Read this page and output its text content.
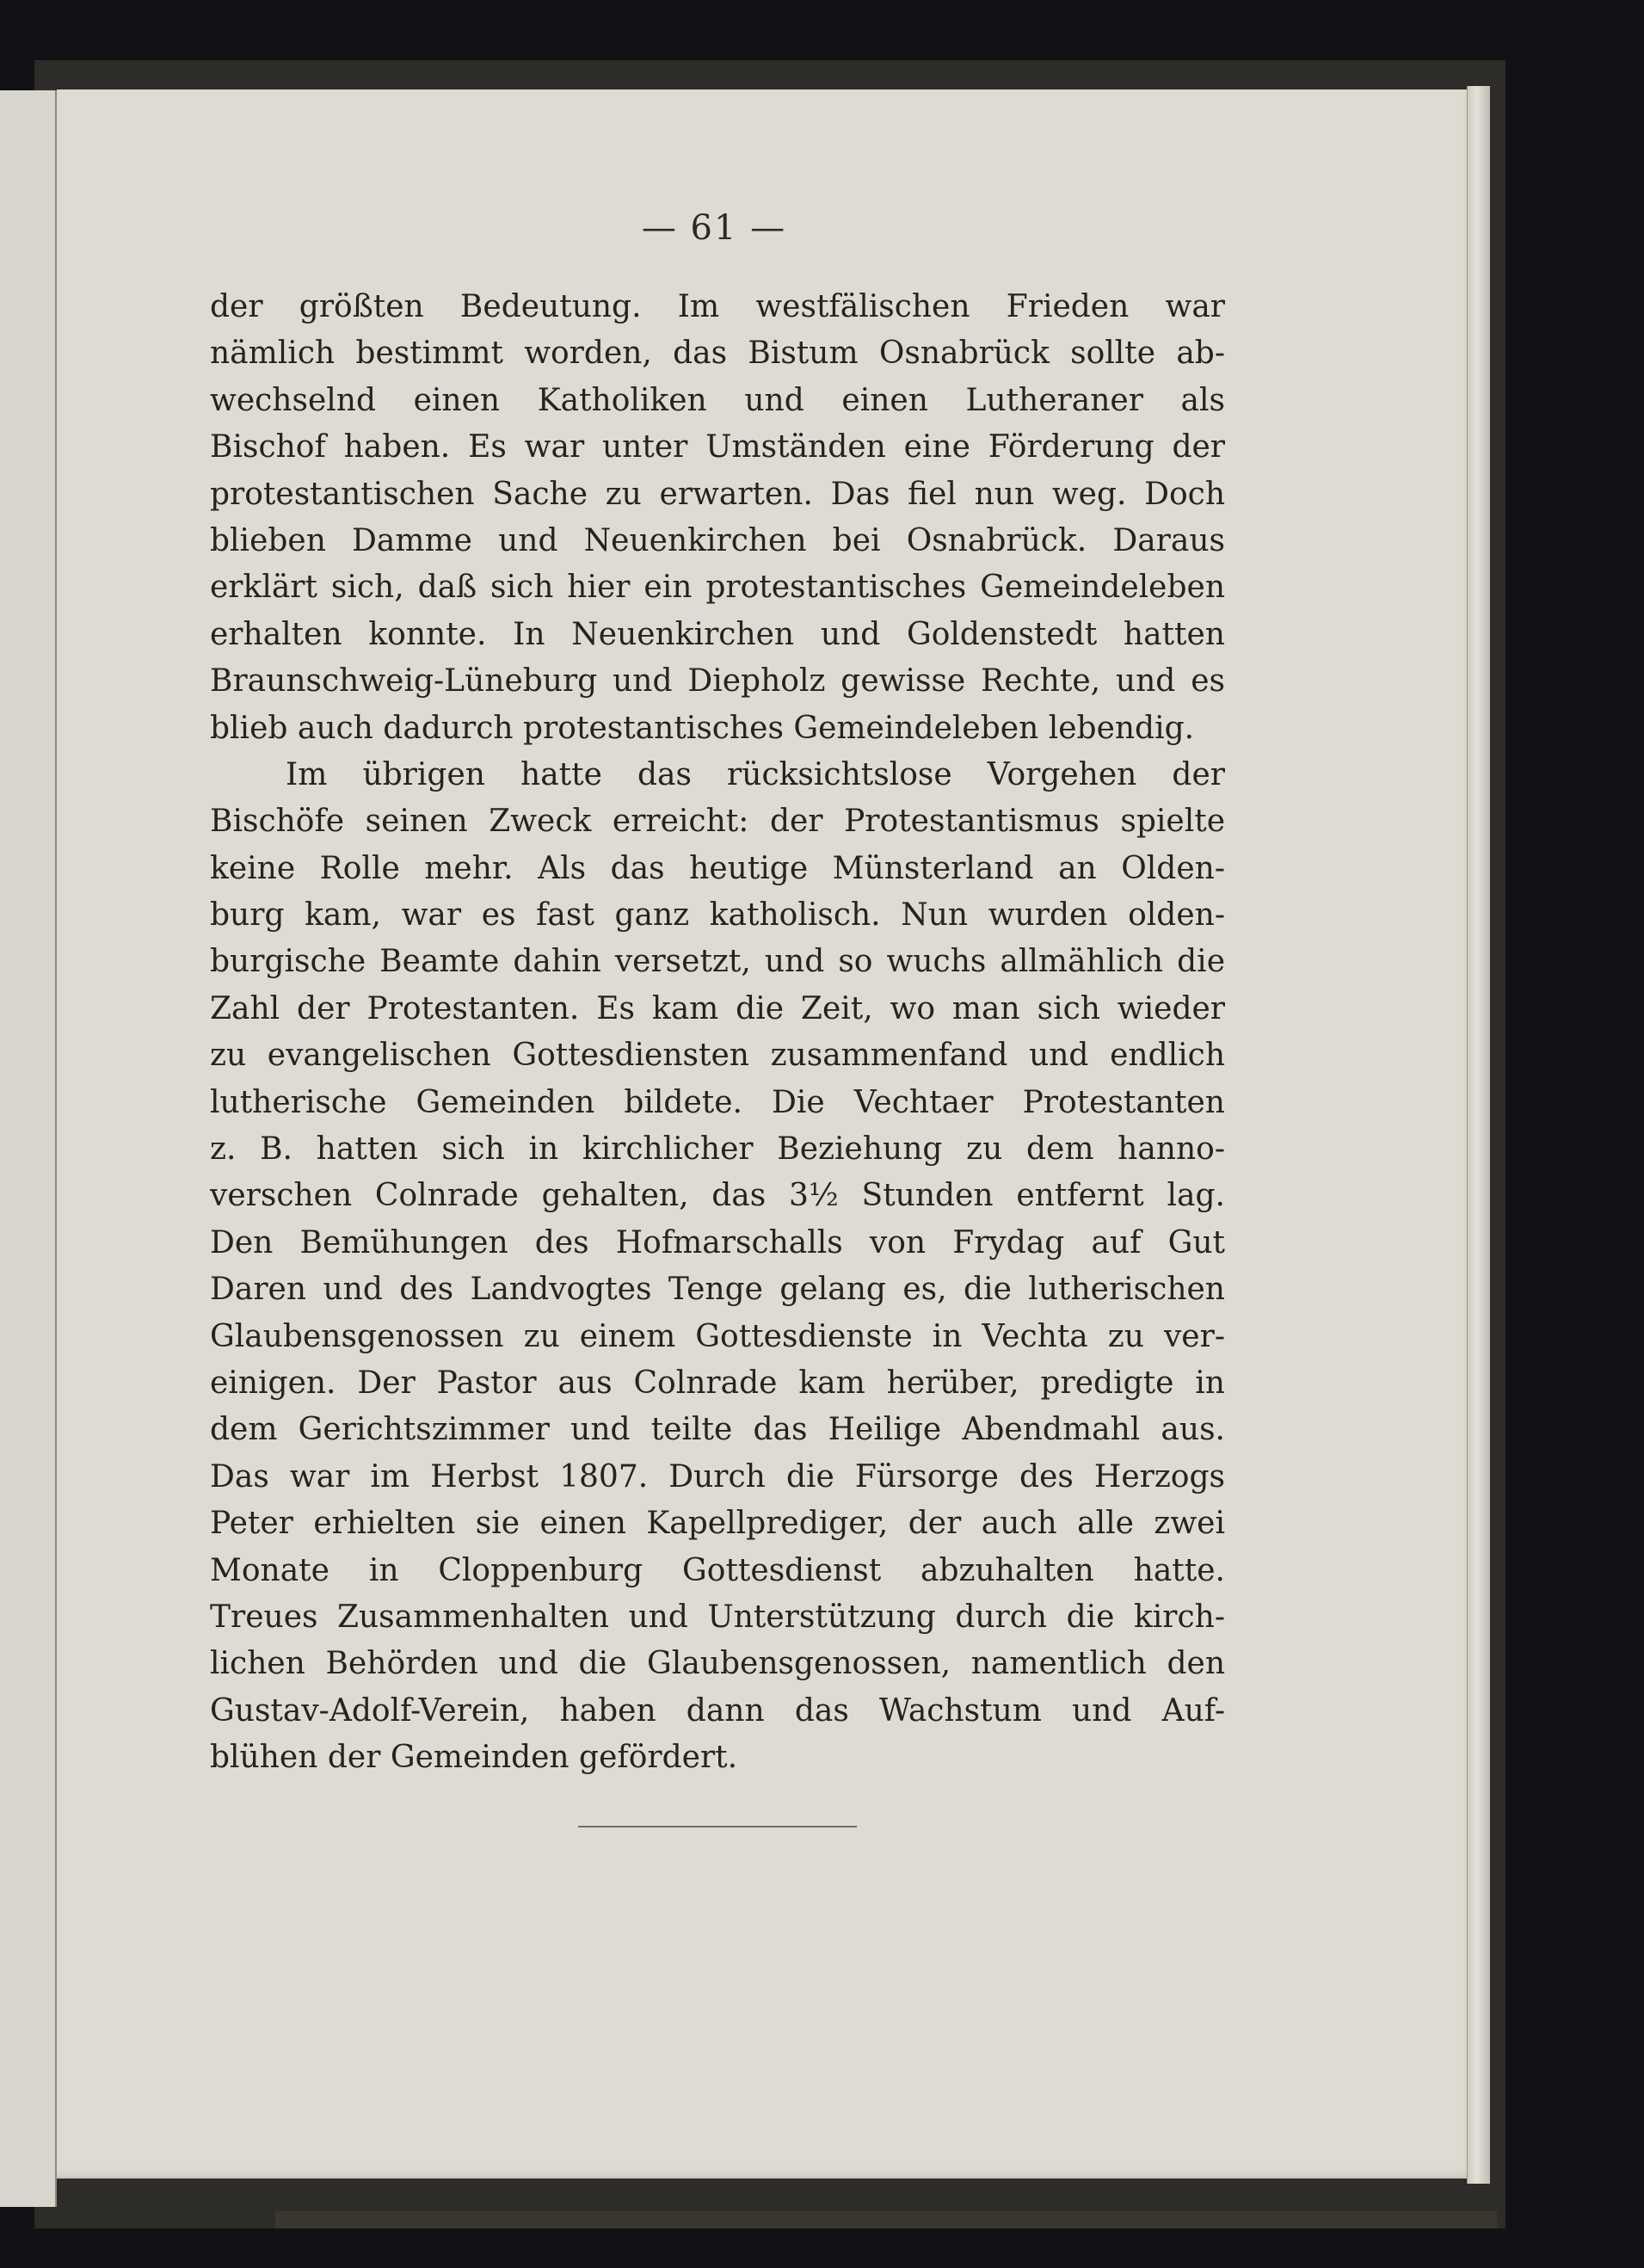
— 61 —
der größten Bedeutung. Im westfälischen Frieden war
nämlich bestimmt worden, das Bistum Osnabrück sollte ab-
wechselnd einen Katholiken und einen Lutheraner als
Bischof haben. Es war unter Umständen eine Förderung der
protestantischen Sache zu erwarten. Das fiel nun weg. Doch
blieben Damme und Neuenkirchen bei Osnabrück. Daraus
erklärt sich, daß sich hier ein protestantisches Gemeindeleben
erhalten konnte. In Neuenkirchen und Goldenstedt hatten
Braunschweig-Lüneburg und Diepholz gewisse Rechte, und es
blieb auch dadurch protestantisches Gemeindeleben lebendig.
Im übrigen hatte das rücksichtslose Vorgehen der
Bischöfe seinen Zweck erreicht: der Protestantismus spielte
keine Rolle mehr. Als das heutige Münsterland an Olden-
burg kam, war es fast ganz katholisch. Nun wurden olden-
burgische Beamte dahin versetzt, und so wuchs allmählich die
Zahl der Protestanten. Es kam die Zeit, wo man sich wieder
zu evangelischen Gottesdiensten zusammenfand und endlich
lutherische Gemeinden bildete. Die Vechtaer Protestanten
z. B. hatten sich in kirchlicher Beziehung zu dem hanno-
verschen Colnrade gehalten, das 3½ Stunden entfernt lag.
Den Bemühungen des Hofmarschalls von Frydag auf Gut
Daren und des Landvogtes Tenge gelang es, die lutherischen
Glaubensgenossen zu einem Gottesdienste in Vechta zu ver-
einigen. Der Pastor aus Colnrade kam herüber, predigte in
dem Gerichtszimmer und teilte das Heilige Abendmahl aus.
Das war im Herbst 1807. Durch die Fürsorge des Herzogs
Peter erhielten sie einen Kapellprediger, der auch alle zwei
Monate in Cloppenburg Gottesdienst abzuhalten hatte.
Treues Zusammenhalten und Unterstützung durch die kirch-
lichen Behörden und die Glaubensgenossen, namentlich den
Gustav-Adolf-Verein, haben dann das Wachstum und Auf-
blühen der Gemeinden gefördert.
